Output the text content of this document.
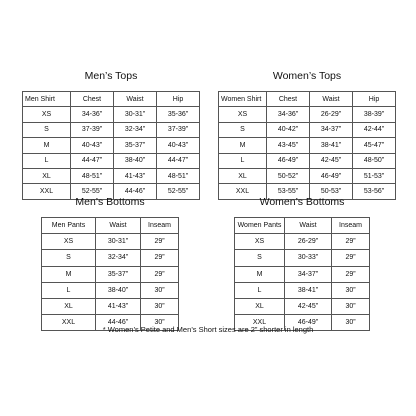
Men’s Tops
Men Shirt	Chest	Waist	Hip
XS	34-36”	30-31”	35-36”
S	37-39”	32-34”	37-39”
M	40-43”	35-37”	40-43”
L	44-47”	38-40”	44-47”
XL	48-51”	41-43”	48-51”
XXL	52-55”	44-46”	52-55”
Women’s Tops
Women Shirt	Chest	Waist	Hip
XS	34-36”	26-29”	38-39”
S	40-42”	34-37”	42-44”
M	43-45”	38-41”	45-47”
L	46-49”	42-45”	48-50”
XL	50-52”	46-49”	51-53”
XXL	53-55”	50-53”	53-56”
Men’s Bottoms
Men Pants	Waist	Inseam
XS	30-31”	29”
S	32-34”	29”
M	35-37”	29”
L	38-40”	30”
XL	41-43”	30”
XXL	44-46”	30”
Women’s Bottoms
Women Pants	Waist	Inseam
XS	26-29”	29”
S	30-33”	29”
M	34-37”	29”
L	38-41”	30”
XL	42-45”	30”
XXL	46-49”	30”
* Women’s Petite and Men’s Short sizes are 2” shorter in length
